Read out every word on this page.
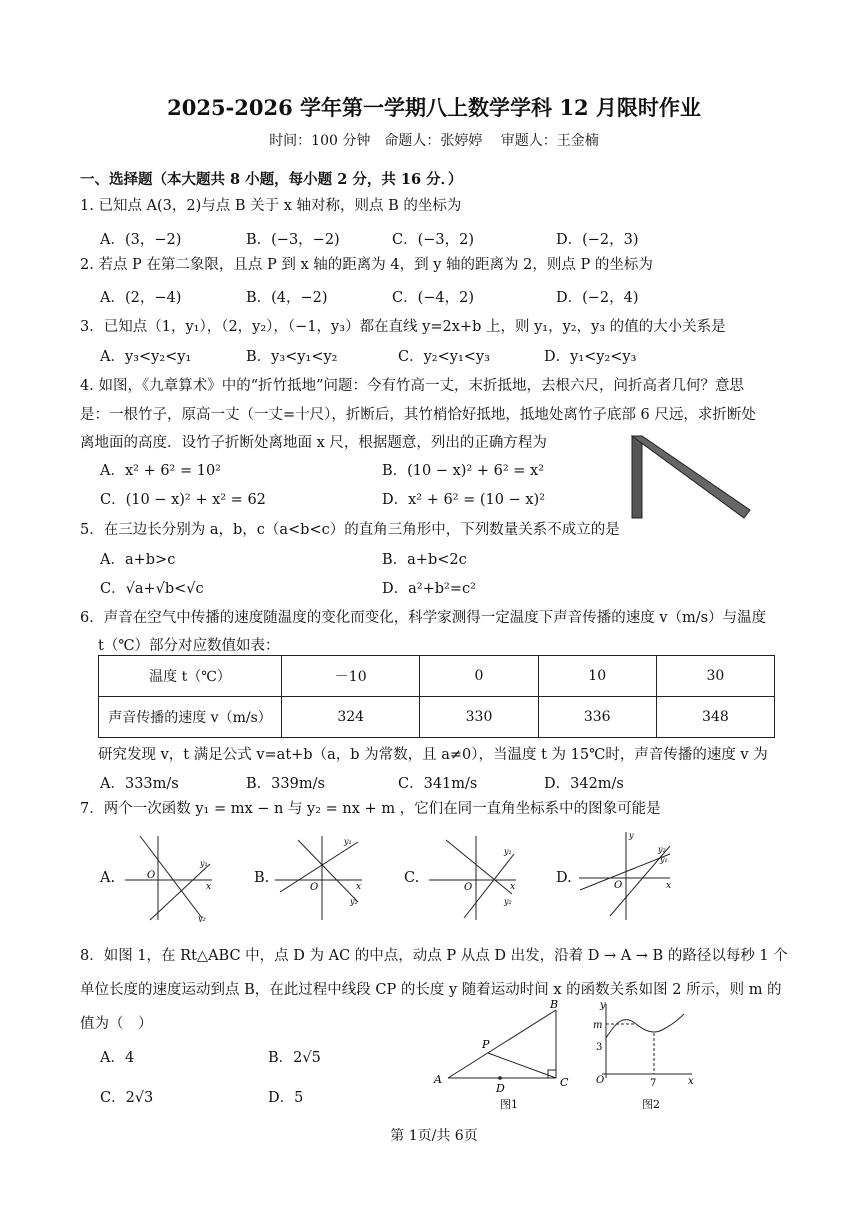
2025-2026 学年第一学期八上数学学科 12 月限时作业
时间：100 分钟　命题人：张婷婷　 审题人：王金楠
一、选择题（本大题共 8 小题，每小题 2 分，共 16 分．）
1. 已知点 A(3，2)与点 B 关于 x 轴对称，则点 B 的坐标为
A．(3，−2)	B．(−3，−2)	C．(−3，2)	D．(−2，3)
2. 若点 P 在第二象限，且点 P 到 x 轴的距离为 4，到 y 轴的距离为 2，则点 P 的坐标为
A．(2，−4)	B．(4，−2)	C．(−4，2)	D．(−2，4)
3．已知点（1，y₁），（2，y₂），（−1，y₃）都在直线 y=2x+b 上，则 y₁，y₂，y₃ 的值的大小关系是
A．y₃<y₂<y₁	B．y₃<y₁<y₂	C．y₂<y₁<y₃	D．y₁<y₂<y₃
4. 如图，《九章算术》中的“折竹抵地”问题：今有竹高一丈，末折抵地，去根六尺，问折高者几何？意思
是：一根竹子，原高一丈（一丈=十尺），折断后，其竹梢恰好抵地，抵地处离竹子底部 6 尺远，求折断处
离地面的高度．设竹子折断处离地面 x 尺，根据题意，列出的正确方程为
A．x² + 6² = 10²	B．(10 − x)² + 6² = x²
C．(10 − x)² + x² = 62	D．x² + 6² = (10 − x)²
5．在三边长分别为 a，b，c（a<b<c）的直角三角形中，下列数量关系不成立的是
A．a+b>c	B．a+b<2c
C．√a+√b<√c	D．a²+b²=c²
6．声音在空气中传播的速度随温度的变化而变化，科学家测得一定温度下声音传播的速度 v（m/s）与温度
t（℃）部分对应数值如表：
温度 t（℃）	－10	0	10	30
声音传播的速度 v（m/s）	324	330	336	348
研究发现 v，t 满足公式 v=at+b（a，b 为常数，且 a≠0），当温度 t 为 15℃时，声音传播的速度 v 为
A．333m/s	B．339m/s	C．341m/s	D．342m/s
7．两个一次函数 y₁ = mx − n 与 y₂ = nx + m ，它们在同一直角坐标系中的图象可能是
A.	O
x
y₁
y₂
B.
O	x
y₁
y₂
C.
O	x
y₁
y₂
D.	O	x
y
y₂
y₁
8．如图 1，在 Rt△ABC 中，点 D 为 AC 的中点，动点 P 从点 D 出发，沿着 D → A → B 的路径以每秒 1 个
单位长度的速度运动到点 B，在此过程中线段 CP 的长度 y 随着运动时间 x 的函数关系如图 2 所示，则 m 的
值为（　）
A．4	B．2√5
C．2√3	D．5
A
B
C
D
P
图1
y
m
3
O	7	x
图2
第 1页/共 6页
